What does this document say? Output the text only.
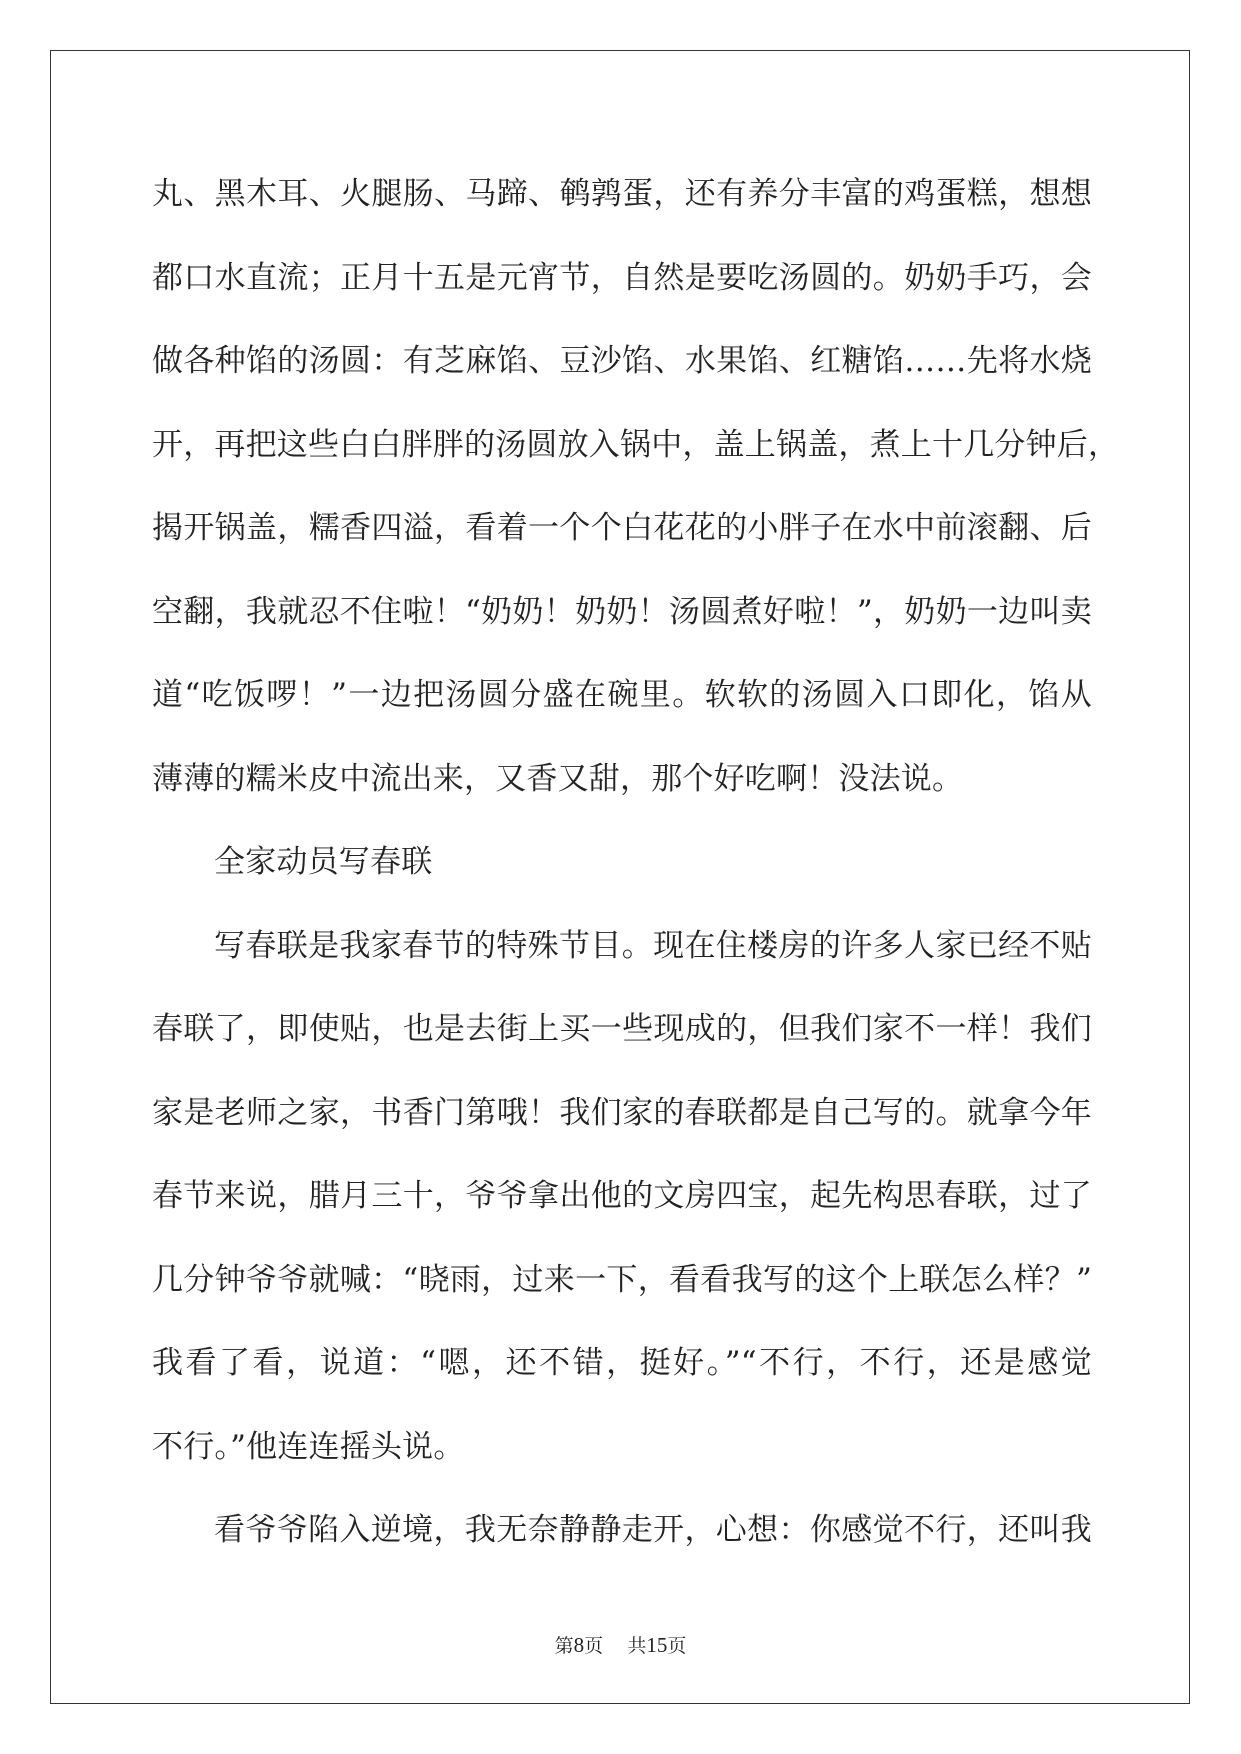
丸、黑木耳、火腿肠、马蹄、鹌鹑蛋，还有养分丰富的鸡蛋糕，想想
都口水直流；正月十五是元宵节，自然是要吃汤圆的。奶奶手巧，会
做各种馅的汤圆：有芝麻馅、豆沙馅、水果馅、红糖馅……先将水烧
开，再把这些白白胖胖的汤圆放入锅中，盖上锅盖，煮上十几分钟后，
揭开锅盖，糯香四溢，看着一个个白花花的小胖子在水中前滚翻、后
空翻，我就忍不住啦！“奶奶！奶奶！汤圆煮好啦！”，奶奶一边叫卖
道“吃饭啰！”一边把汤圆分盛在碗里。软软的汤圆入口即化，馅从
薄薄的糯米皮中流出来，又香又甜，那个好吃啊！没法说。
全家动员写春联
写春联是我家春节的特殊节目。现在住楼房的许多人家已经不贴
春联了，即使贴，也是去街上买一些现成的，但我们家不一样！我们
家是老师之家，书香门第哦！我们家的春联都是自己写的。就拿今年
春节来说，腊月三十，爷爷拿出他的文房四宝，起先构思春联，过了
几分钟爷爷就喊：“晓雨，过来一下，看看我写的这个上联怎么样？”
我看了看，说道：“嗯，还不错，挺好。”“不行，不行，还是感觉
不行。”他连连摇头说。
看爷爷陷入逆境，我无奈静静走开，心想：你感觉不行，还叫我
第8页 共15页
